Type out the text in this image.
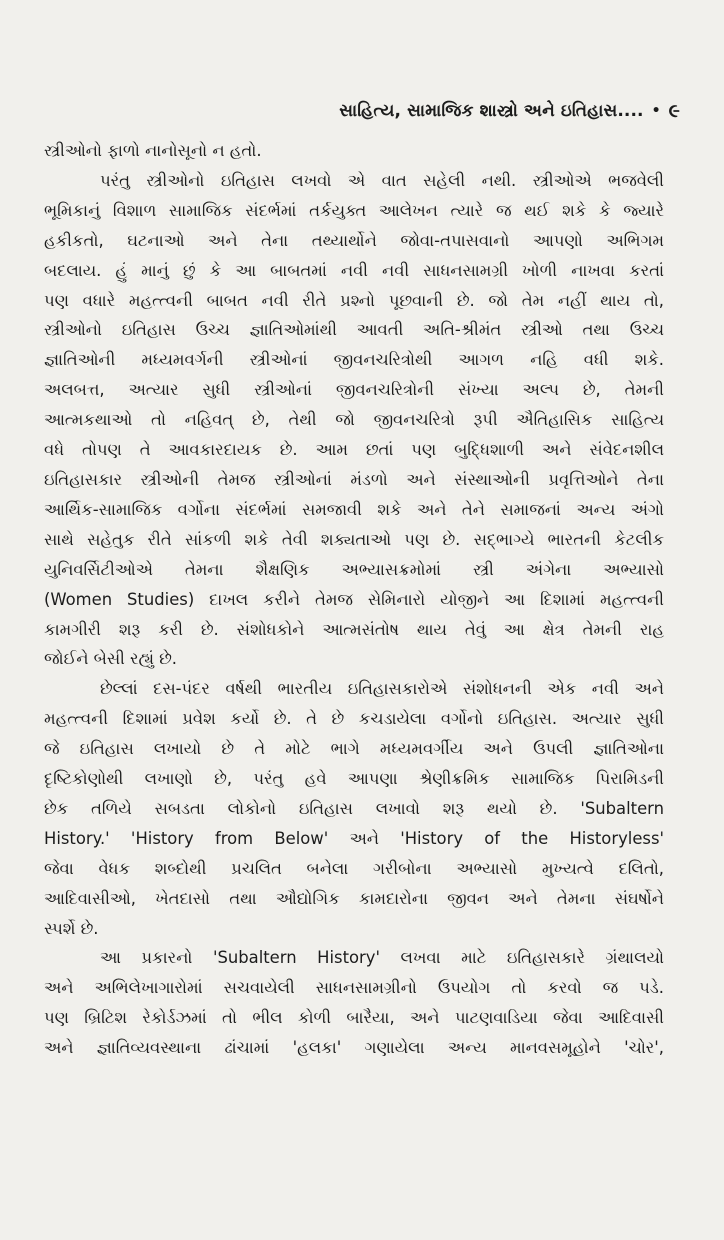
સાહિત્ય, સામાજિક શાસ્ત્રો અને ઇતિહાસ.... • ૯
સ્ત્રીઓનો ફાળો નાનોસૂનો ન હતો.
પરંતુ સ્ત્રીઓનો ઇતિહાસ લખવો એ વાત સહેલી નથી. સ્ત્રીઓએ ભજવેલી
ભૂમિકાનું વિશાળ સામાજિક સંદર્ભમાં તર્કયુક્ત આલેખન ત્યારે જ થઈ શકે કે જ્યારે
હકીકતો, ઘટનાઓ અને તેના તથ્યાર્થોને જોવા-તપાસવાનો આપણો અભિગમ
બદલાય. હું માનું છું કે આ બાબતમાં નવી નવી સાધનસામગ્રી ખોળી નાખવા કરતાં
પણ વધારે મહત્ત્વની બાબત નવી રીતે પ્રશ્નો પૂછવાની છે. જો તેમ નહીં થાય તો,
સ્ત્રીઓનો ઇતિહાસ ઉચ્ચ જ્ઞાતિઓમાંથી આવતી અતિ-શ્રીમંત સ્ત્રીઓ તથા ઉચ્ચ
જ્ઞાતિઓની મધ્યમવર્ગની સ્ત્રીઓનાં જીવનચરિત્રોથી આગળ નહિ વધી શકે.
અલબત્ત, અત્યાર સુધી સ્ત્રીઓનાં જીવનચરિત્રોની સંખ્યા અલ્પ છે, તેમની
આત્મકથાઓ તો નહિવત્ છે, તેથી જો જીવનચરિત્રો રૂપી ઐતિહાસિક સાહિત્ય
વધે તોપણ તે આવકારદાયક છે. આમ છતાં પણ બુદ્ધિશાળી અને સંવેદનશીલ
ઇતિહાસકાર સ્ત્રીઓની તેમજ સ્ત્રીઓનાં મંડળો અને સંસ્થાઓની પ્રવૃત્તિઓને તેના
આર્થિક-સામાજિક વર્ગોના સંદર્ભમાં સમજાવી શકે અને તેને સમાજનાં અન્ય અંગો
સાથે સહેતુક રીતે સાંકળી શકે તેવી શક્યતાઓ પણ છે. સદ્ભાગ્યે ભારતની કેટલીક
યુનિવર્સિટીઓએ તેમના શૈક્ષણિક અભ્યાસક્રમોમાં સ્ત્રી અંગેના અભ્યાસો
(Women Studies) દાખલ કરીને તેમજ સેમિનારો યોજીને આ દિશામાં મહત્ત્વની
કામગીરી શરૂ કરી છે. સંશોધકોને આત્મસંતોષ થાય તેવું આ ક્ષેત્ર તેમની રાહ
જોઈને બેસી રહ્યું છે.
છેલ્લાં દસ-પંદર વર્ષથી ભારતીય ઇતિહાસકારોએ સંશોધનની એક નવી અને
મહત્ત્વની દિશામાં પ્રવેશ કર્યો છે. તે છે કચડાયેલા વર્ગોનો ઇતિહાસ. અત્યાર સુધી
જે ઇતિહાસ લખાયો છે તે મોટે ભાગે મધ્યમવર્ગીય અને ઉપલી જ્ઞાતિઓના
દૃષ્ટિકોણોથી લખાણો છે, પરંતુ હવે આપણા શ્રેણીક્રમિક સામાજિક પિરામિડની
છેક તળિયે સબડતા લોકોનો ઇતિહાસ લખાવો શરૂ થયો છે. 'Subaltern
History.' 'History from Below' અને 'History of the Historyless'
જેવા વેધક શબ્દોથી પ્રચલિત બનેલા ગરીબોના અભ્યાસો મુખ્યત્વે દલિતો,
આદિવાસીઓ, ખેતદાસો તથા ઔદ્યોગિક કામદારોના જીવન અને તેમના સંઘર્ષોને
સ્પર્શે છે.
આ પ્રકારનો 'Subaltern History' લખવા માટે ઇતિહાસકારે ગ્રંથાલયો
અને અભિલેખાગારોમાં સચવાયેલી સાધનસામગ્રીનો ઉપયોગ તો કરવો જ પડે.
પણ બ્રિટિશ રેકોર્ડઝમાં તો ભીલ કોળી બારૈયા, અને પાટણવાડિયા જેવા આદિવાસી
અને જ્ઞાતિવ્યવસ્થાના ઢાંચામાં 'હલકા' ગણાયેલા અન્ય માનવસમૂહોને 'ચોર',
